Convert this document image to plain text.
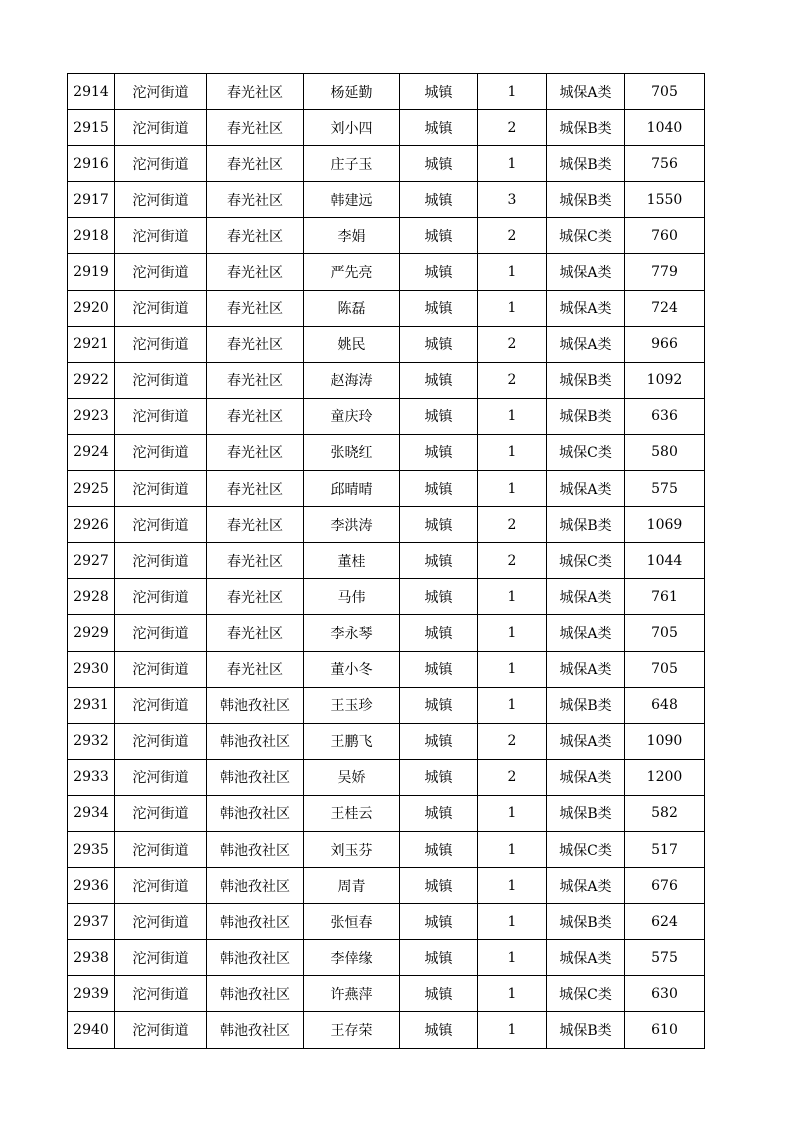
2914	沱河街道	春光社区	杨延勤	城镇	1	城保A类	705
2915	沱河街道	春光社区	刘小四	城镇	2	城保B类	1040
2916	沱河街道	春光社区	庄子玉	城镇	1	城保B类	756
2917	沱河街道	春光社区	韩建远	城镇	3	城保B类	1550
2918	沱河街道	春光社区	李娟	城镇	2	城保C类	760
2919	沱河街道	春光社区	严先亮	城镇	1	城保A类	779
2920	沱河街道	春光社区	陈磊	城镇	1	城保A类	724
2921	沱河街道	春光社区	姚民	城镇	2	城保A类	966
2922	沱河街道	春光社区	赵海涛	城镇	2	城保B类	1092
2923	沱河街道	春光社区	童庆玲	城镇	1	城保B类	636
2924	沱河街道	春光社区	张晓红	城镇	1	城保C类	580
2925	沱河街道	春光社区	邱晴晴	城镇	1	城保A类	575
2926	沱河街道	春光社区	李洪涛	城镇	2	城保B类	1069
2927	沱河街道	春光社区	董桂	城镇	2	城保C类	1044
2928	沱河街道	春光社区	马伟	城镇	1	城保A类	761
2929	沱河街道	春光社区	李永琴	城镇	1	城保A类	705
2930	沱河街道	春光社区	董小冬	城镇	1	城保A类	705
2931	沱河街道	韩池孜社区	王玉珍	城镇	1	城保B类	648
2932	沱河街道	韩池孜社区	王鹏飞	城镇	2	城保A类	1090
2933	沱河街道	韩池孜社区	吴娇	城镇	2	城保A类	1200
2934	沱河街道	韩池孜社区	王桂云	城镇	1	城保B类	582
2935	沱河街道	韩池孜社区	刘玉芬	城镇	1	城保C类	517
2936	沱河街道	韩池孜社区	周青	城镇	1	城保A类	676
2937	沱河街道	韩池孜社区	张恒春	城镇	1	城保B类	624
2938	沱河街道	韩池孜社区	李倖缘	城镇	1	城保A类	575
2939	沱河街道	韩池孜社区	许燕萍	城镇	1	城保C类	630
2940	沱河街道	韩池孜社区	王存荣	城镇	1	城保B类	610
